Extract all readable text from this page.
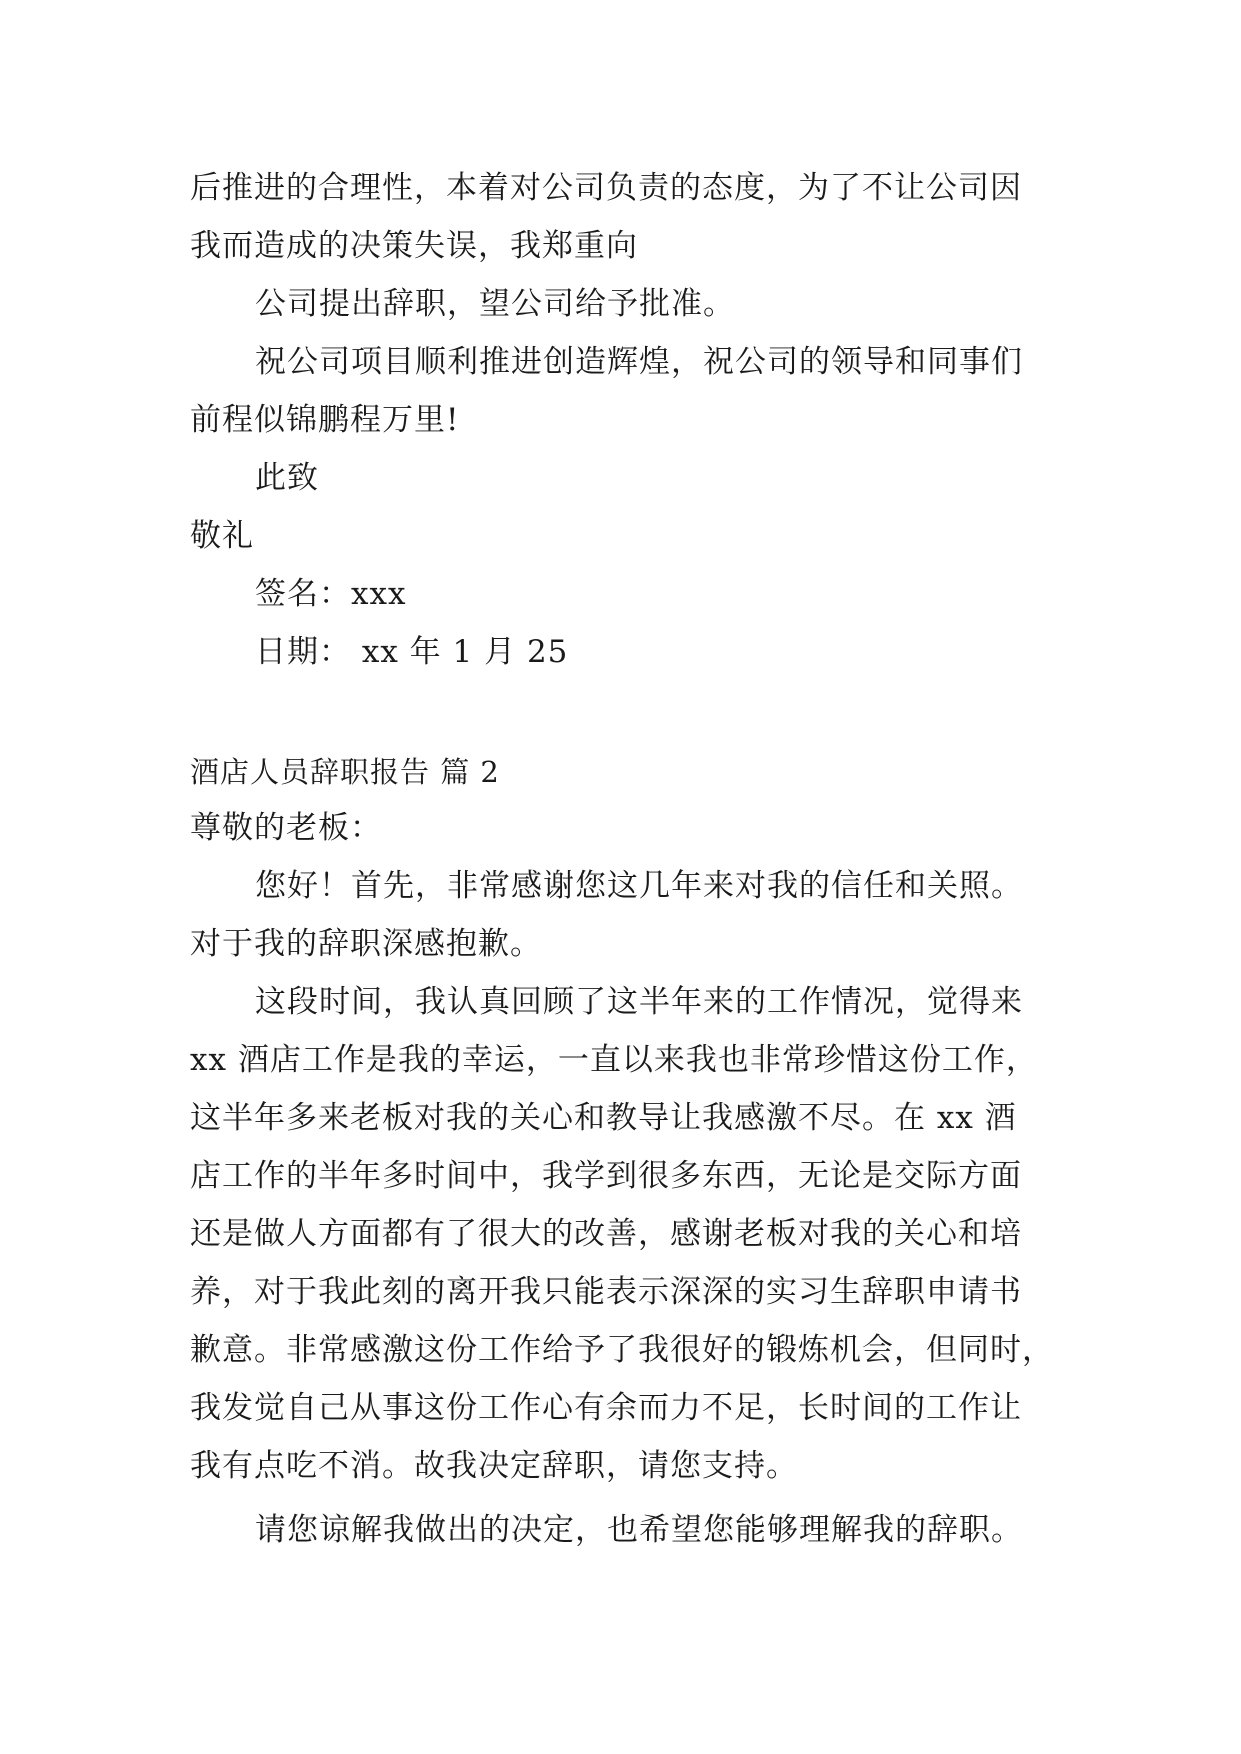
后推进的合理性，本着对公司负责的态度，为了不让公司因
我而造成的决策失误，我郑重向
公司提出辞职，望公司给予批准。
祝公司项目顺利推进创造辉煌，祝公司的领导和同事们
前程似锦鹏程万里!
此致
敬礼
签名：xxx
日期： xx 年 1 月 25
酒店人员辞职报告 篇 2
尊敬的老板：
您好！首先，非常感谢您这几年来对我的信任和关照。
对于我的辞职深感抱歉。
这段时间，我认真回顾了这半年来的工作情况，觉得来
xx 酒店工作是我的幸运，一直以来我也非常珍惜这份工作，
这半年多来老板对我的关心和教导让我感激不尽。在 xx 酒
店工作的半年多时间中，我学到很多东西，无论是交际方面
还是做人方面都有了很大的改善，感谢老板对我的关心和培
养，对于我此刻的离开我只能表示深深的实习生辞职申请书
歉意。非常感激这份工作给予了我很好的锻炼机会，但同时，
我发觉自己从事这份工作心有余而力不足，长时间的工作让
我有点吃不消。故我决定辞职，请您支持。
请您谅解我做出的决定，也希望您能够理解我的辞职。
